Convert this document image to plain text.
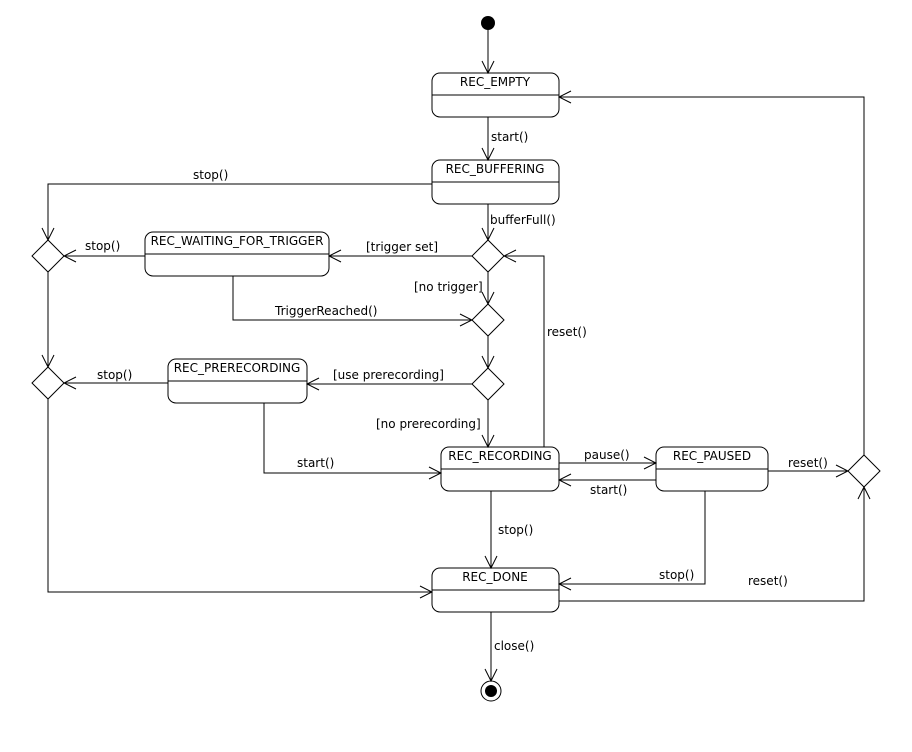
REC_EMPTY
REC_BUFFERING
REC_WAITING_FOR_TRIGGER
REC_PRERECORDING
REC_RECORDING	REC_PAUSED
REC_DONE
start()
stop()
bufferFull()
stop()	[trigger set]
[no trigger]
TriggerReached()
reset()
stop()	[use prerecording]
[no prerecording]
start()
pause()
start()
reset()
stop()
stop()	reset()
close()
